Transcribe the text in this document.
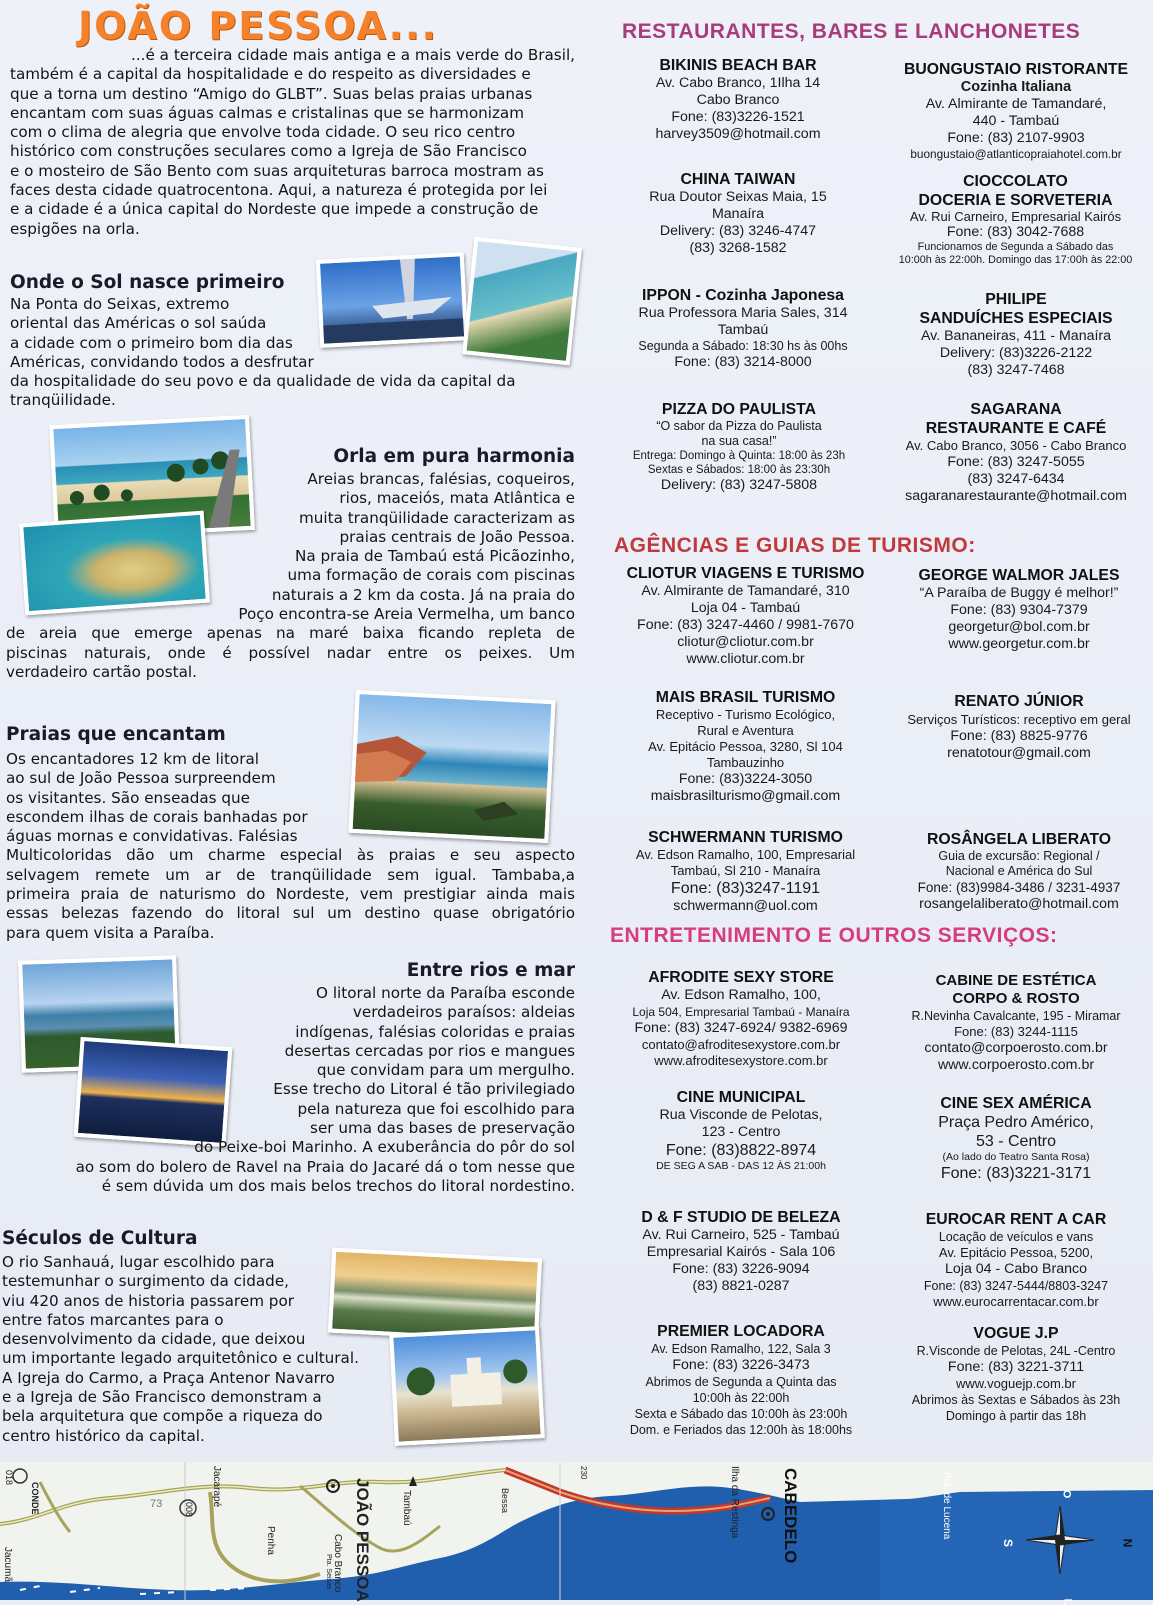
JOÃO PESSOA...
...é a terceira cidade mais antiga e a mais verde do Brasil,
também é a capital da hospitalidade e do respeito as diversidades e
que a torna um destino “Amigo do GLBT”. Suas belas praias urbanas
encantam com suas águas calmas e cristalinas que se harmonizam
com o clima de alegria que envolve toda cidade. O seu rico centro
histórico com construções seculares como a Igreja de São Francisco
e o mosteiro de São Bento com suas arquiteturas barroca mostram as
faces desta cidade quatrocentona. Aqui, a natureza é protegida por lei
e a cidade é a única capital do Nordeste que impede a construção de
espigões na orla.
Onde o Sol nasce primeiro
Na Ponta do Seixas, extremo
oriental das Américas o sol saúda
a cidade com o primeiro bom dia das
Américas, convidando todos a desfrutar
da hospitalidade do seu povo e da qualidade de vida da capital da
tranqüilidade.
Orla em pura harmonia
Areias brancas, falésias, coqueiros,
rios, maceiós, mata Atlântica e
muita tranqüilidade caracterizam as
praias centrais de João Pessoa.
Na praia de Tambaú está Picãozinho,
uma formação de corais com piscinas
naturais a 2 km da costa. Já na praia do
Poço encontra-se Areia Vermelha, um banco
de areia que emerge apenas na maré baixa ficando repleta de
piscinas naturais, onde é possível nadar entre os peixes. Um
verdadeiro cartão postal.
Praias que encantam
Os encantadores 12 km de litoral
ao sul de João Pessoa surpreendem
os visitantes. São enseadas que
escondem ilhas de corais banhadas por
águas mornas e convidativas. Falésias
Multicoloridas dão um charme especial às praias e seu aspecto
selvagem remete um ar de tranqüilidade sem igual. Tambaba,a
primeira praia de naturismo do Nordeste, vem prestigiar ainda mais
essas belezas fazendo do litoral sul um destino quase obrigatório
para quem visita a Paraíba.
Entre rios e mar
O litoral norte da Paraíba esconde
verdadeiros paraísos: aldeias
indígenas, falésias coloridas e praias
desertas cercadas por rios e mangues
que convidam para um mergulho.
Esse trecho do Litoral é tão privilegiado
pela natureza que foi escolhido para
ser uma das bases de preservação
do Peixe-boi Marinho. A exuberância do pôr do sol
ao som do bolero de Ravel na Praia do Jacaré dá o tom nesse que
é sem dúvida um dos mais belos trechos do litoral nordestino.
Séculos de Cultura
O rio Sanhauá, lugar escolhido para
testemunhar o surgimento da cidade,
viu 420 anos de historia passarem por
entre fatos marcantes para o
desenvolvimento da cidade, que deixou
um importante legado arquitetônico e cultural.
A Igreja do Carmo, a Praça Antenor Navarro
e a Igreja de São Francisco demonstram a
bela arquitetura que compõe a riqueza do
centro histórico da capital.
RESTAURANTES, BARES E LANCHONETES
BIKINIS BEACH BAR
Av. Cabo Branco, 1Ilha 14
Cabo Branco
Fone: (83)3226-1521
harvey3509@hotmail.com
BUONGUSTAIO RISTORANTE
Cozinha Italiana
Av. Almirante de Tamandaré,
440 - Tambaú
Fone: (83) 2107-9903
buongustaio@atlanticopraiahotel.com.br
CHINA TAIWAN
Rua Doutor Seixas Maia, 15
Manaíra
Delivery: (83) 3246-4747
(83) 3268-1582
CIOCCOLATO
DOCERIA E SORVETERIA
Av. Rui Carneiro, Empresarial Kairós
Fone: (83) 3042-7688
Funcionamos de Segunda a Sábado das
10:00h às 22:00h. Domingo das 17:00h às 22:00
IPPON - Cozinha Japonesa
Rua Professora Maria Sales, 314
Tambaú
Segunda a Sábado: 18:30 hs às 00hs
Fone: (83) 3214-8000
PHILIPE
SANDUÍCHES ESPECIAIS
Av. Bananeiras, 411 - Manaíra
Delivery: (83)3226-2122
(83) 3247-7468
PIZZA DO PAULISTA
“O sabor da Pizza do Paulista
na sua casa!”
Entrega: Domingo à Quinta: 18:00 às 23h
Sextas e Sábados: 18:00 às 23:30h
Delivery: (83) 3247-5808
SAGARANA
RESTAURANTE E CAFÉ
Av. Cabo Branco, 3056 - Cabo Branco
Fone: (83) 3247-5055
(83) 3247-6434
sagaranarestaurante@hotmail.com
AGÊNCIAS E GUIAS DE TURISMO:
CLIOTUR VIAGENS E TURISMO
Av. Almirante de Tamandaré, 310
Loja 04 - Tambaú
Fone: (83) 3247-4460 / 9981-7670
cliotur@cliotur.com.br
www.cliotur.com.br
GEORGE WALMOR JALES
“A Paraíba de Buggy é melhor!”
Fone: (83) 9304-7379
georgetur@bol.com.br
www.georgetur.com.br
MAIS BRASIL TURISMO
Receptivo - Turismo Ecológico,
Rural e Aventura
Av. Epitácio Pessoa, 3280, Sl 104
Tambauzinho
Fone: (83)3224-3050
maisbrasilturismo@gmail.com
RENATO JÚNIOR
Serviços Turísticos: receptivo em geral
Fone: (83) 8825-9776
renatotour@gmail.com
SCHWERMANN TURISMO
Av. Edson Ramalho, 100, Empresarial
Tambaú, Sl 210 - Manaíra
Fone: (83)3247-1191
schwermann@uol.com
ROSÂNGELA LIBERATO
Guia de excursão: Regional /
Nacional e América do Sul
Fone: (83)9984-3486 / 3231-4937
rosangelaliberato@hotmail.com
ENTRETENIMENTO E OUTROS SERVIÇOS:
AFRODITE SEXY STORE
Av. Edson Ramalho, 100,
Loja 504, Empresarial Tambaú - Manaíra
Fone: (83) 3247-6924/ 9382-6969
contato@afroditesexystore.com.br
www.afroditesexystore.com.br
CABINE DE ESTÉTICA
CORPO & ROSTO
R.Nevinha Cavalcante, 195 - Miramar
Fone: (83) 3244-1115
contato@corpoerosto.com.br
www.corpoerosto.com.br
CINE MUNICIPAL
Rua Visconde de Pelotas,
123 - Centro
Fone: (83)8822-8974
DE SEG A SAB - DAS 12 ÀS 21:00h
CINE SEX AMÉRICA
Praça Pedro Américo,
53 - Centro
(Ao lado do Teatro Santa Rosa)
Fone: (83)3221-3171
D & F STUDIO DE BELEZA
Av. Rui Carneiro, 525 - Tambaú
Empresarial Kairós - Sala 106
Fone: (83) 3226-9094
(83) 8821-0287
EUROCAR RENT A CAR
Locação de veículos e vans
Av. Epitácio Pessoa, 5200,
Loja 04 - Cabo Branco
Fone: (83) 3247-5444/8803-3247
www.eurocarrentacar.com.br
PREMIER LOCADORA
Av. Edson Ramalho, 122, Sala 3
Fone: (83) 3226-3473
Abrimos de Segunda a Quinta das
10:00h às 22:00h
Sexta e Sábado das 10:00h às 23:00h
Dom. e Feriados das 12:00h às 18:00hs
VOGUE J.P
R.Visconde de Pelotas, 24L -Centro
Fone: (83) 3221-3711
www.voguejp.com.br
Abrimos às Sextas e Sábados às 23h
Domingo à partir das 18h
018
CONDE
Jacumã
73	Jacarapé
008
Penha	Cabo Branco
Pta. Seixas JOÃO PESSOA	Tambaú	Bessa
230	Ilha da Restinga CABEDELO	Pta. de Lucena
N
S
L
O
